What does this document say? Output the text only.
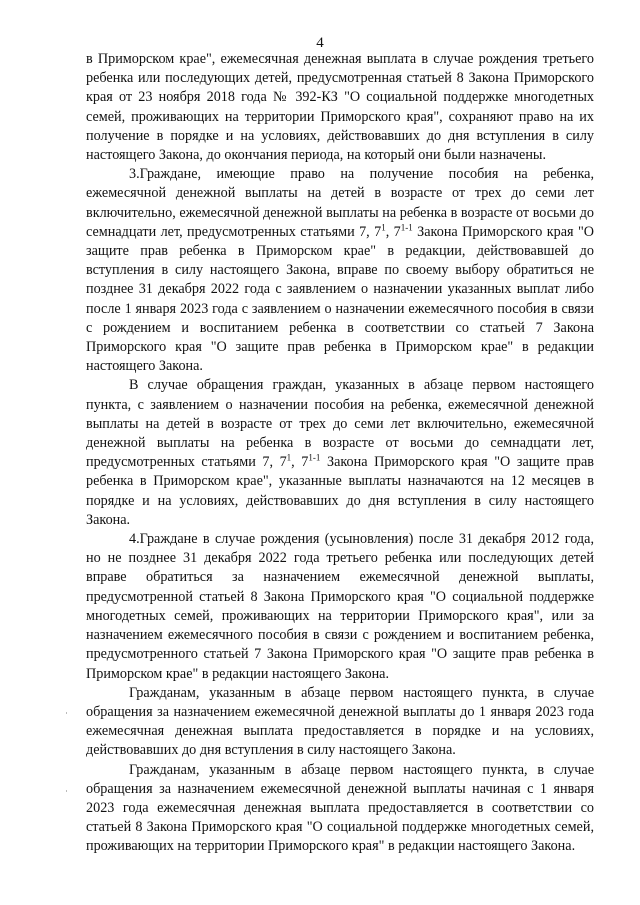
4

в Приморском крае", ежемесячная денежная выплата в случае рождения третьего ребенка или последующих детей, предусмотренная статьей 8 Закона Приморского края от 23 ноября 2018 года № 392-КЗ "О социальной поддержке многодетных семей, проживающих на территории Приморского края", сохраняют право на их получение в порядке и на условиях, действовавших до дня вступления в силу настоящего Закона, до окончания периода, на который они были назначены.

3.Граждане, имеющие право на получение пособия на ребенка, ежемесячной денежной выплаты на детей в возрасте от трех до семи лет включительно, ежемесячной денежной выплаты на ребенка в возрасте от восьми до семнадцати лет, предусмотренных статьями 7, $7^1$, 7$^{1-1}$ Закона Приморского края "О защите прав ребенка в Приморском крае" в редакции, действовавшей до вступления в силу настоящего Закона, вправе по своему выбору обратиться не позднее 31 декабря 2022 года с заявлением о назначении указанных выплат либо после 1 января 2023 года с заявлением о назначении ежемесячного пособия в связи с рождением и воспитанием ребенка в соответствии со статьей 7 Закона Приморского края "О защите прав ребенка в Приморском крае" в редакции настоящего Закона.

В случае обращения граждан, указанных в абзаце первом настоящего пункта, с заявлением о назначении пособия на ребенка, ежемесячной денежной выплаты на детей в возрасте от трех до семи лет включительно, ежемесячной денежной выплаты на ребенка в возрасте от восьми до семнадцати лет, предусмотренных статьями 7, $7^1$, 7$^{1-1}$ Закона Приморского края "О защите прав ребенка в Приморском крае", указанные выплаты назначаются на 12 месяцев в порядке и на условиях, действовавших до дня вступления в силу настоящего Закона.

4.Граждане в случае рождения (усыновления) после 31 декабря 2012 года, но не позднее 31 декабря 2022 года третьего ребенка или последующих детей вправе обратиться за назначением ежемесячной денежной выплаты, предусмотренной статьей 8 Закона Приморского края "О социальной поддержке многодетных семей, проживающих на территории Приморского края", или за назначением ежемесячного пособия в связи с рождением и воспитанием ребенка, предусмотренного статьей 7 Закона Приморского края "О защите прав ребенка в Приморском крае" в редакции настоящего Закона.

Гражданам, указанным в абзаце первом настоящего пункта, в случае обращения за назначением ежемесячной денежной выплаты до 1 января 2023 года ежемесячная денежная выплата предоставляется в порядке и на условиях, действовавших до дня вступления в силу настоящего Закона.

Гражданам, указанным в абзаце первом настоящего пункта, в случае обращения за назначением ежемесячной денежной выплаты начиная с 1 января 2023 года ежемесячная денежная выплата предоставляется в соответствии со статьей 8 Закона Приморского края "О социальной поддержке многодетных семей, проживающих на территории Приморского края" в редакции настоящего Закона.
